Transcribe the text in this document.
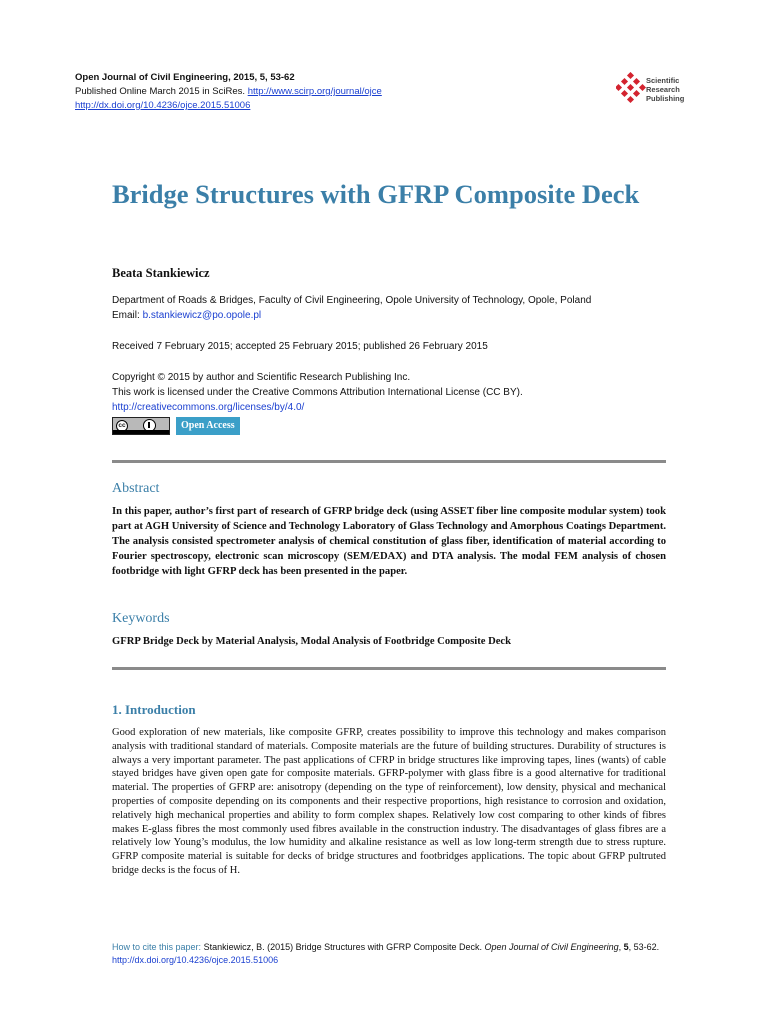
Open Journal of Civil Engineering, 2015, 5, 53-62
Published Online March 2015 in SciRes. http://www.scirp.org/journal/ojce
http://dx.doi.org/10.4236/ojce.2015.51006
Scientific
Research
Publishing
Bridge Structures with GFRP Composite Deck
Beata Stankiewicz
Department of Roads & Bridges, Faculty of Civil Engineering, Opole University of Technology, Opole, Poland
Email: b.stankiewicz@po.opole.pl
Received 7 February 2015; accepted 25 February 2015; published 26 February 2015
Copyright © 2015 by author and Scientific Research Publishing Inc.
This work is licensed under the Creative Commons Attribution International License (CC BY).
http://creativecommons.org/licenses/by/4.0/
cc	Open Access
Abstract

In this paper, author’s first part of research of GFRP bridge deck (using ASSET fiber line composite modular system) took part at AGH University of Science and Technology Laboratory of Glass Technology and Amorphous Coatings Department. The analysis consisted spectrometer analysis of chemical constitution of glass fiber, identification of material according to Fourier spectroscopy, electronic scan microscopy (SEM/EDAX) and DTA analysis. The modal FEM analysis of chosen footbridge with light GFRP deck has been presented in the paper.

Keywords
GFRP Bridge Deck by Material Analysis, Modal Analysis of Footbridge Composite Deck
1. Introduction

Good exploration of new materials, like composite GFRP, creates possibility to improve this technology and makes comparison analysis with traditional standard of materials. Composite materials are the future of building structures. Durability of structures is always a very important parameter. The past applications of CFRP in bridge structures like improving tapes, lines (wants) of cable stayed bridges have given open gate for composite materials. GFRP-polymer with glass fibre is a good alternative for traditional material. The properties of GFRP are: anisotropy (depending on the type of reinforcement), low density, physical and mechanical properties of composite depending on its components and their respective proportions, high resistance to corrosion and oxidation, relatively high mechanical properties and ability to form complex shapes. Relatively low cost comparing to other kinds of fibres makes E-glass fibres the most commonly used fibres available in the construction industry. The disadvantages of glass fibres are a relatively low Young’s modulus, the low humidity and alkaline resistance as well as low long-term strength due to stress rupture. GFRP composite material is suitable for decks of bridge structures and footbridges applications. The topic about GFRP pultruted bridge decks is the focus of H.

How to cite this paper: Stankiewicz, B. (2015) Bridge Structures with GFRP Composite Deck. Open Journal of Civil Engineering, 5, 53-62. http://dx.doi.org/10.4236/ojce.2015.51006
